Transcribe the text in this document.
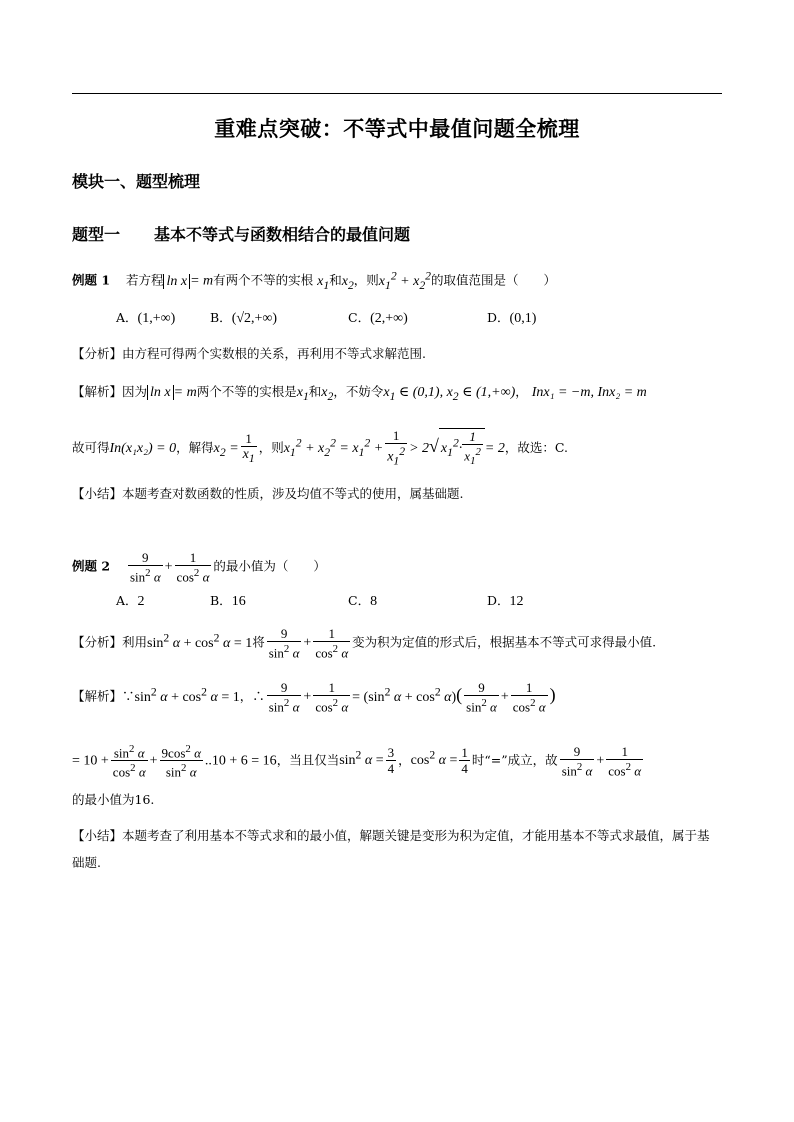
重难点突破：不等式中最值问题全梳理
模块一、题型梳理
题型一 基本不等式与函数相结合的最值问题
例题 1 若方程 ln x = m有两个不等的实根 $x_1$和$x_2$，则$x_1^2 + x_2^2$的取值范围是（　　）
A．(1,+∞)	B．(√2,+∞)	C．(2,+∞)	D．(0,1)
【分析】由方程可得两个实数根的关系，再利用不等式求解范围.
【解析】因为 ln x = m两个不等的实根是$x_1$和$x_2$，不妨令$x_1$ ∈ (0,1), $x_2$ ∈ (1,+∞)， Inx₁ = −m, Inx₂ = m
故可得In(x₁x₂) = 0，解得$x_2 = \frac{1}{x_1}$ ，则$x_1^2 + x_2^2 = x_1^2 + \frac{1}{x_1^2} > 2√$ $x_1^2\cdot \frac{1}{x_1^2} = 2$，故选：C.
【小结】本题考查对数函数的性质，涉及均值不等式的使用，属基础题.
例题 $2 \frac{9}{\sin^2 \alpha} + \frac{1}{\cos^2 \alpha}$ 的最小值为（　　）
A．2	B．16	C．8	D．12
【分析】利用$\sin^2 \alpha + \cos^2 \alpha = 1$将 $\frac{9}{\sin^2 \alpha} + \frac{1}{\cos^2 \alpha}$ 变为积为定值的形式后，根据基本不等式可求得最小值.
【解析】$\because\sin^2$ $\alpha + \cos^2 \alpha = 1$，∴ $\frac{9}{\sin^2 \alpha} + \frac{1}{\cos^2 \alpha} = (\sin^2$ $\alpha + \cos^2 \alpha)( \frac{9}{\sin^2 \alpha} + \frac{1}{\cos^2 \alpha}$ )
= $10 + \frac{\sin^2 \alpha}{\cos^2 \alpha} + \frac{9\cos^2 \alpha}{\sin^2 \alpha} ..10 + 6 = 16$，当且仅当$\sin^2 \alpha = \frac{3}{4}$ ，$\cos^2 \alpha = \frac{1}{4}$ 时“=”成立，故 $\frac{9}{\sin^2 \alpha} + \frac{1}{\cos^2 \alpha}$
的最小值为16.
【小结】本题考查了利用基本不等式求和的最小值，解题关键是变形为积为定值，才能用基本不等式求最值，属于基础题.
